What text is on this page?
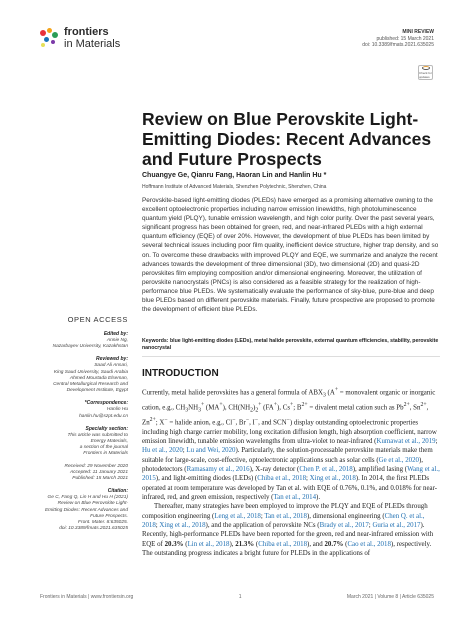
frontiers
in Materials
MINI REVIEW
published: 15 March 2021
doi: 10.3389/fmats.2021.635025
Check for updates
Review on Blue Perovskite Light-Emitting Diodes: Recent Advances and Future Prospects
Chuangye Ge, Qianru Fang, Haoran Lin and Hanlin Hu *
Hoffmann Institute of Advanced Materials, Shenzhen Polytechnic, Shenzhen, China
Perovskite-based light-emitting diodes (PLEDs) have emerged as a promising alternative owning to the excellent optoelectronic properties including narrow emission linewidths, high photoluminescence quantum yield (PLQY), tunable emission wavelength, and high color purity. Over the past several years, significant progress has been obtained for green, red, and near-infrared PLEDs with a high external quantum efficiency (EQE) of over 20%. However, the development of blue PLEDs has been limited by several technical issues including poor film quality, inefficient device structure, higher trap density, and so on. To overcome these drawbacks with improved PLQY and EQE, we summarize and analyze the recent advances towards the development of three dimensional (3D), two dimensional (2D) and quasi-2D perovskites film employing composition and/or dimensional engineering. Moreover, the utilization of perovskite nanocrystals (PNCs) is also considered as a feasible strategy for the realization of high-performance blue PLEDs. We systematically evaluate the performance of sky-blue, pure-blue and deep blue PLEDs based on different perovskite materials. Finally, future prospective are proposed to promote the development of efficient blue PLEDs.
Keywords: blue light-emitting diodes (LEDs), metal halide perovskite, external quantum efficiencies, stability, perovskite nanocrystal
OPEN ACCESS
Edited by:
Annie Ng,
Nazarbayev University, Kazakhstan
Reviewed by:
Saad Ali Ansari,
King Saud University, Saudi Arabia
Ahmed Mourtada Elseman,
Central Metallurgical Research and
Development Institute, Egypt
*Correspondence:
Hanlin Hu
hanlin.hu@szpt.edu.cn
Specialty section:
This article was submitted to
Energy Materials,
a section of the journal
Frontiers in Materials
Received: 29 November 2020
Accepted: 11 January 2021
Published: 15 March 2021
Citation:
Ge C, Fang Q, Lin H and Hu H (2021)
Review on Blue Perovskite Light-
Emitting Diodes: Recent Advances and
Future Prospects.
Front. Mater. 8:635025.
doi: 10.3389/fmats.2021.635025
INTRODUCTION

Currently, metal halide perovskites has a general formula of $ABX_3$ (A+ = monovalent organic or inorganic cation, e.g., $CH_3NH_3^+$ (MA+), $CH(NH_2)_2^+$ (FA+), Cs+; $B^{2+}$ = divalent metal cation such as $Pb^{2+}$, $Sn^{2+}$, $Zn^{2+}$; X− = halide anion, e.g., Cl−, Br−, I−, and SCN−) display outstanding optoelectronic properties including high charge carrier mobility, long excitation diffusion length, high absorption coefficient, narrow emission linewidth, tunable emission wavelengths from ultra-violet to near-infrared (Kumawat et al., 2019; Hu et al., 2020; Lu and Wei, 2020). Particularly, the solution-processable perovskite materials make them suitable for large-scale, cost-effective, optoelectronic applications such as solar cells (Ge et al., 2020), photodetectors (Ramasamy et al., 2016), X-ray detector (Chen P. et al., 2018), amplified lasing (Wang et al., 2015), and light-emitting diodes (LEDs) (Chiba et al., 2018; Xing et al., 2018). In 2014, the first PLEDs operated at room temperature was developed by Tan et al. with EQE of 0.76%, 0.1%, and 0.018% for near-infrared, red, and green emission, respectively (Tan et al., 2014).

Thereafter, many strategies have been employed to improve the PLQY and EQE of PLEDs through composition engineering (Leng et al., 2018; Tan et al., 2018), dimensional engineering (Chen Q. et al., 2018; Xing et al., 2018), and the application of perovskite NCs (Brady et al., 2017; Guria et al., 2017). Recently, high-performance PLEDs have been reported for the green, red and near-infrared emission with EQE of 20.3% (Lin et al., 2018), 21.3% (Chiba et al., 2018), and 20.7% (Cao et al., 2018), respectively. The outstanding progress indicates a bright future for PLEDs in the applications of

Frontiers in Materials | www.frontiersin.org	1	March 2021 | Volume 8 | Article 635025
